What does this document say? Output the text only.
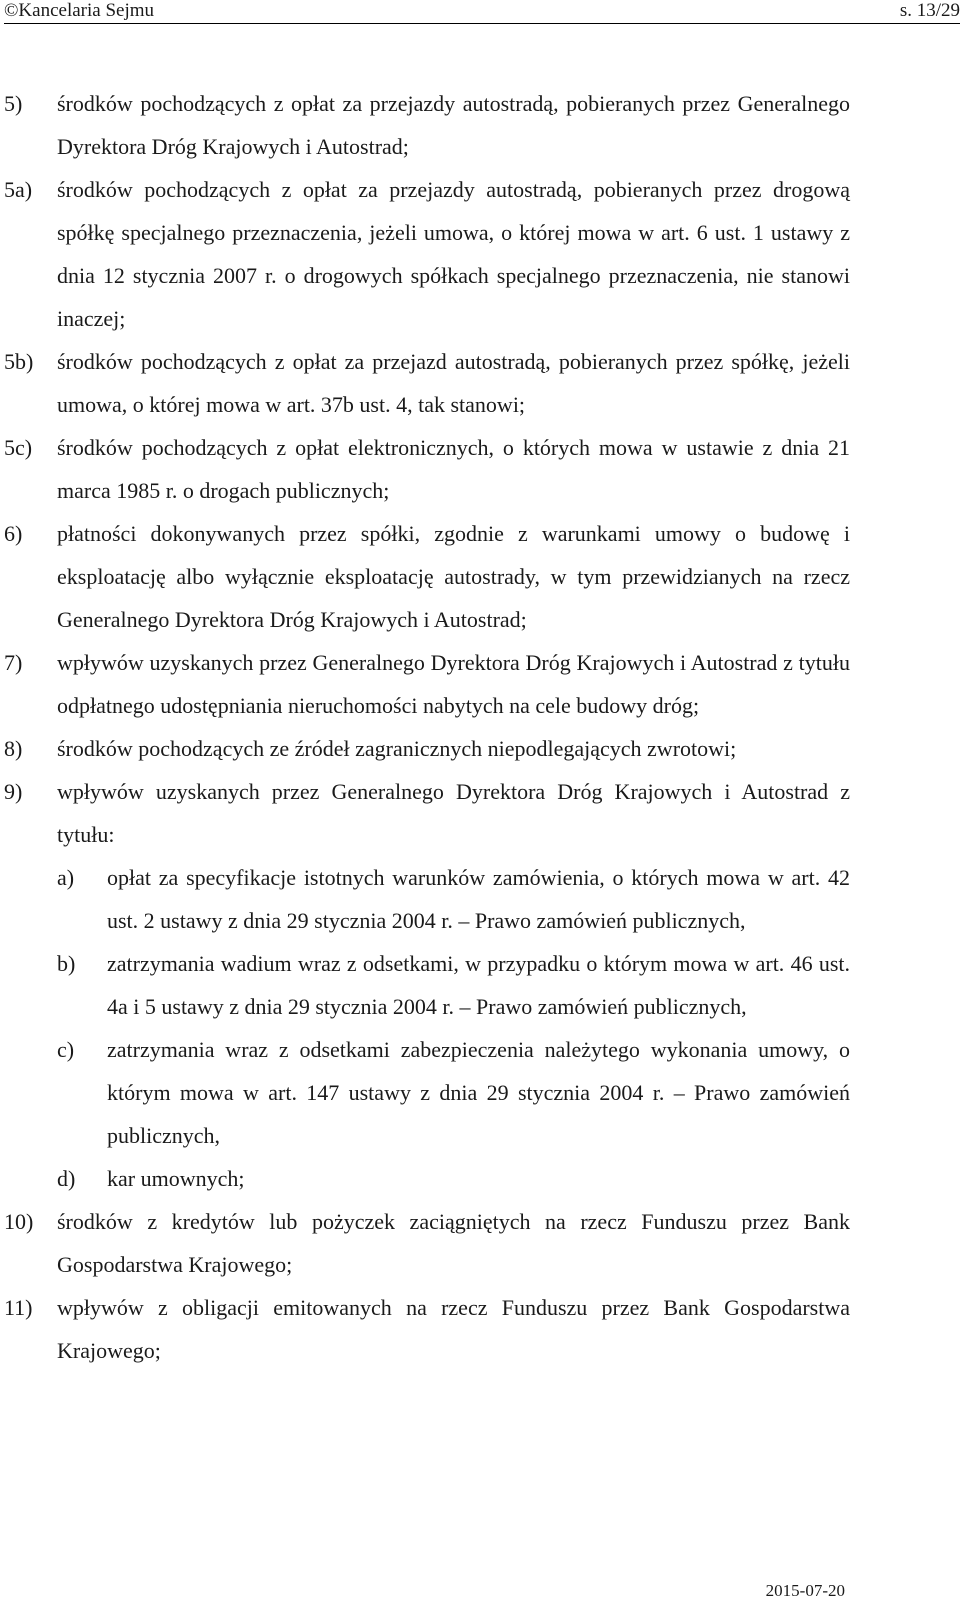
©Kancelaria Sejmu	s. 13/29
5) środków pochodzących z opłat za przejazdy autostradą, pobieranych przez Generalnego Dyrektora Dróg Krajowych i Autostrad;
5a) środków pochodzących z opłat za przejazdy autostradą, pobieranych przez drogową spółkę specjalnego przeznaczenia, jeżeli umowa, o której mowa w art. 6 ust. 1 ustawy z dnia 12 stycznia 2007 r. o drogowych spółkach specjalnego przeznaczenia, nie stanowi inaczej;
5b) środków pochodzących z opłat za przejazd autostradą, pobieranych przez spółkę, jeżeli umowa, o której mowa w art. 37b ust. 4, tak stanowi;
5c) środków pochodzących z opłat elektronicznych, o których mowa w ustawie z dnia 21 marca 1985 r. o drogach publicznych;
6) płatności dokonywanych przez spółki, zgodnie z warunkami umowy o budowę i eksploatację albo wyłącznie eksploatację autostrady, w tym przewidzianych na rzecz Generalnego Dyrektora Dróg Krajowych i Autostrad;
7) wpływów uzyskanych przez Generalnego Dyrektora Dróg Krajowych i Autostrad z tytułu odpłatnego udostępniania nieruchomości nabytych na cele budowy dróg;
8) środków pochodzących ze źródeł zagranicznych niepodlegających zwrotowi;
9) wpływów uzyskanych przez Generalnego Dyrektora Dróg Krajowych i Autostrad z tytułu:
a) opłat za specyfikacje istotnych warunków zamówienia, o których mowa w art. 42 ust. 2 ustawy z dnia 29 stycznia 2004 r. – Prawo zamówień publicznych,
b) zatrzymania wadium wraz z odsetkami, w przypadku o którym mowa w art. 46 ust. 4a i 5 ustawy z dnia 29 stycznia 2004 r. – Prawo zamówień publicznych,
c) zatrzymania wraz z odsetkami zabezpieczenia należytego wykonania umowy, o którym mowa w art. 147 ustawy z dnia 29 stycznia 2004 r. – Prawo zamówień publicznych,
d) kar umownych;
10) środków z kredytów lub pożyczek zaciągniętych na rzecz Funduszu przez Bank Gospodarstwa Krajowego;
11) wpływów z obligacji emitowanych na rzecz Funduszu przez Bank Gospodarstwa Krajowego;
2015-07-20
